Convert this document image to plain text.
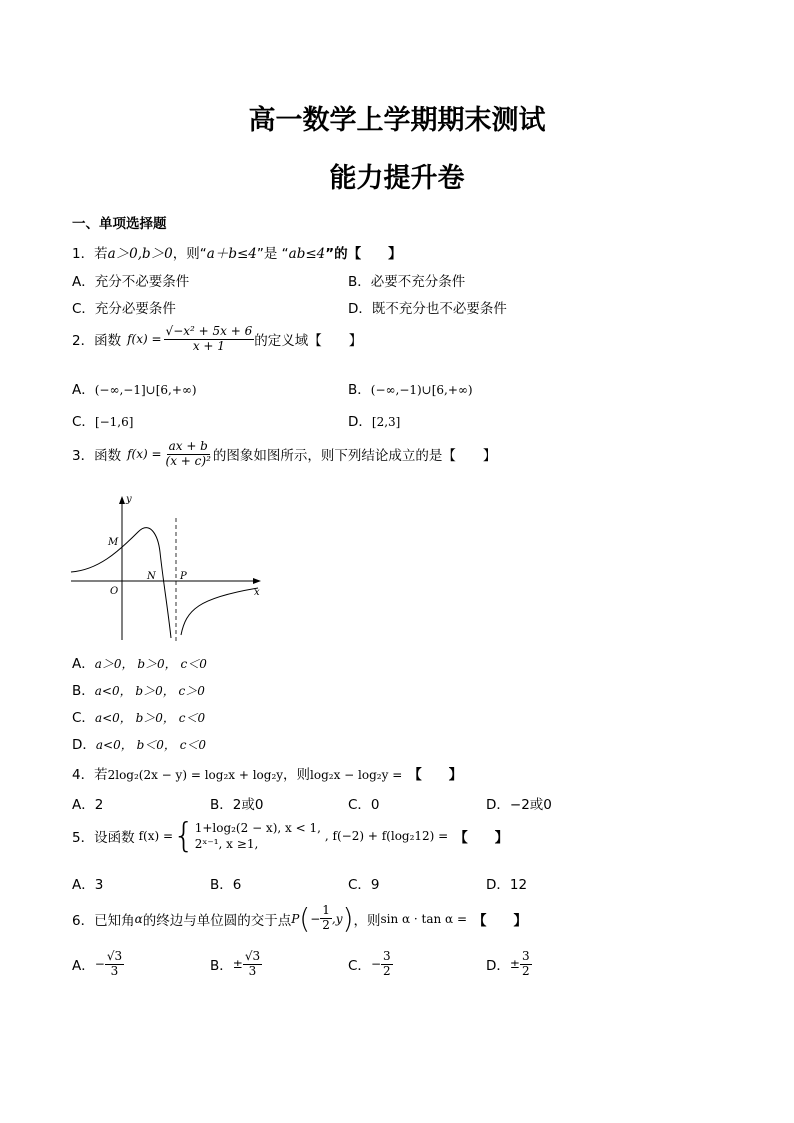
高一数学上学期期末测试
能力提升卷
一、单项选择题
1．若a＞0,b＞0，则“a＋b≤4”是 “ab≤4”的【　　】
A．充分不必要条件	B．必要不充分条件
C．充分必要条件	D．既不充分也不必要条件
2．函数 $f(x) = \frac{\text{√−x² + 5x + 6}}{x + 1}$ 的定义域【　　】
A．(−∞,−1]∪[6,+∞)	B．(−∞,−1)∪[6,+∞)
C．[−1,6]	D．[2,3]
3．函数 $f(x) = \frac{ax + b}{\text{(x + c)²}}$ 的图象如图所示，则下列结论成立的是【　　】
y
x
M
O
N P
A．a＞0， b＞0， c＜0
B．a<0， b＞0， c＞0
C．a<0， b＞0， c＜0
D．a<0， b＜0， c＜0
4．若2log₂(2x − y) = log₂x + log₂y，则log₂x − log₂y = 【　　】
A．2	B．2或0	C．0	D．−2或0
5．设函数 f(x) = { 1+log₂(2 − x), x < 1,
2ˣ⁻¹, x ≥1,
, f(−2) + f(log₂12) = 【　　】
A．3	B．6	C．9	D．12
6．已知角 α 的终边与单位圆的交于点 P ( − $\frac{1}{2} ,y$ ) ，则 sin α · tan α = 【　　】
A． − $\frac{√3}{3}$	B． ± $\frac{√3}{3}$	C． − $\frac{3}{2}$	D． ± $\frac{3}{2}$
